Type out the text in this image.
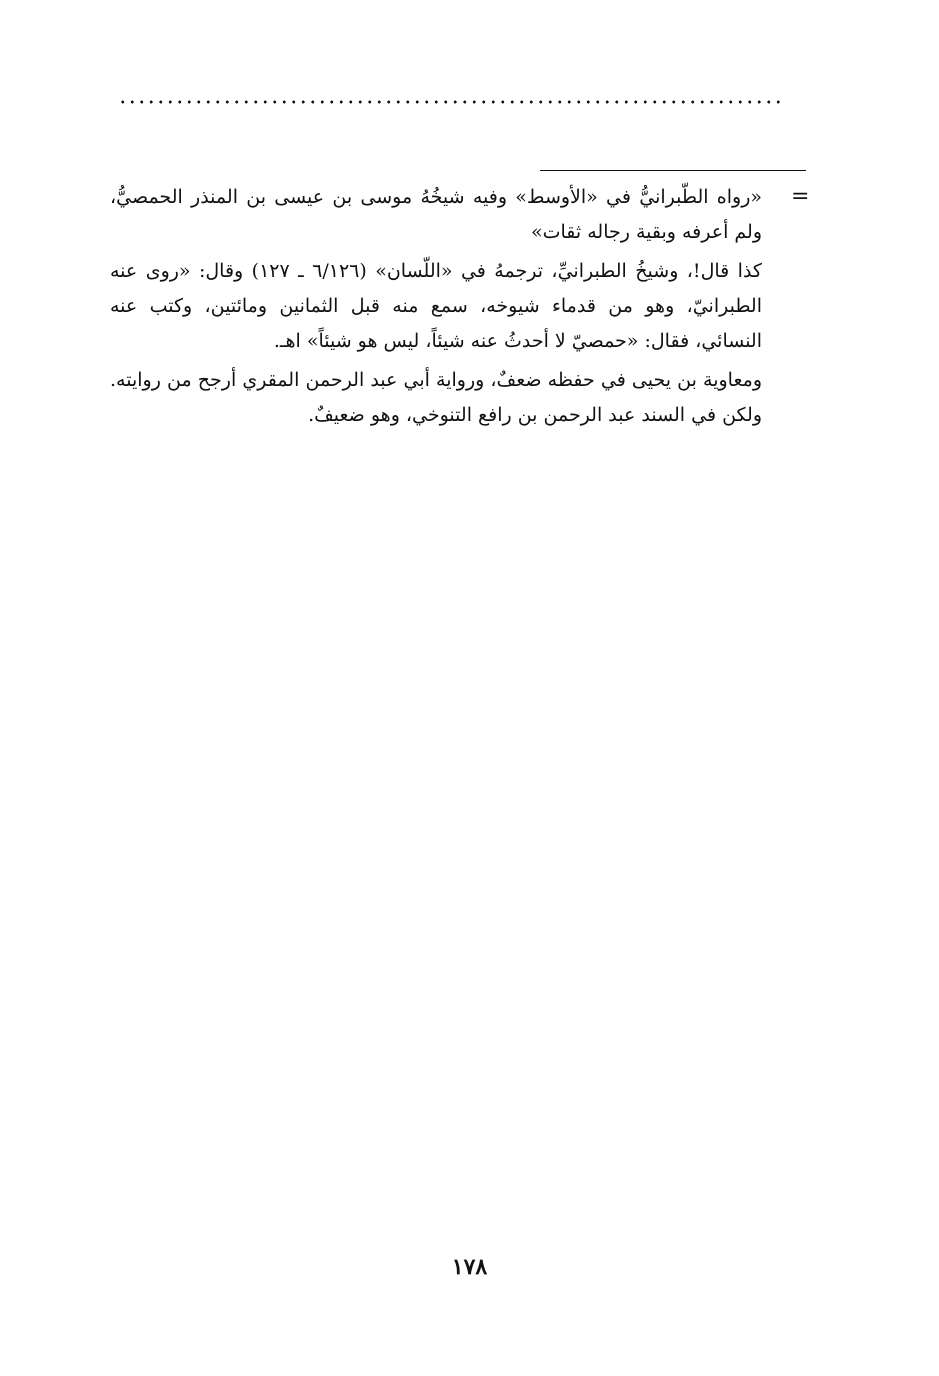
=

«رواه الطّبرانيُّ في «الأوسط» وفيه شيخُهُ موسى بن عيسى بن المنذر الحمصيُّ، ولم أعرفه وبقية رجاله ثقات»

كذا قال!، وشيخُ الطبرانيِّ، ترجمهُ في «اللّسان» (٦/١٢٦ ـ ١٢٧) وقال: «روى عنه الطبرانيّ، وهو من قدماء شيوخه، سمع منه قبل الثمانين ومائتين، وكتب عنه النسائي، فقال: «حمصيّ لا أحدثُ عنه شيئاً، ليس هو شيئاً» اهـ.

ومعاوية بن يحيى في حفظه ضعفٌ، ورواية أبي عبد الرحمن المقري أرجح من روايته. ولكن في السند عبد الرحمن بن رافع التنوخي، وهو ضعيفٌ.

١٧٨
